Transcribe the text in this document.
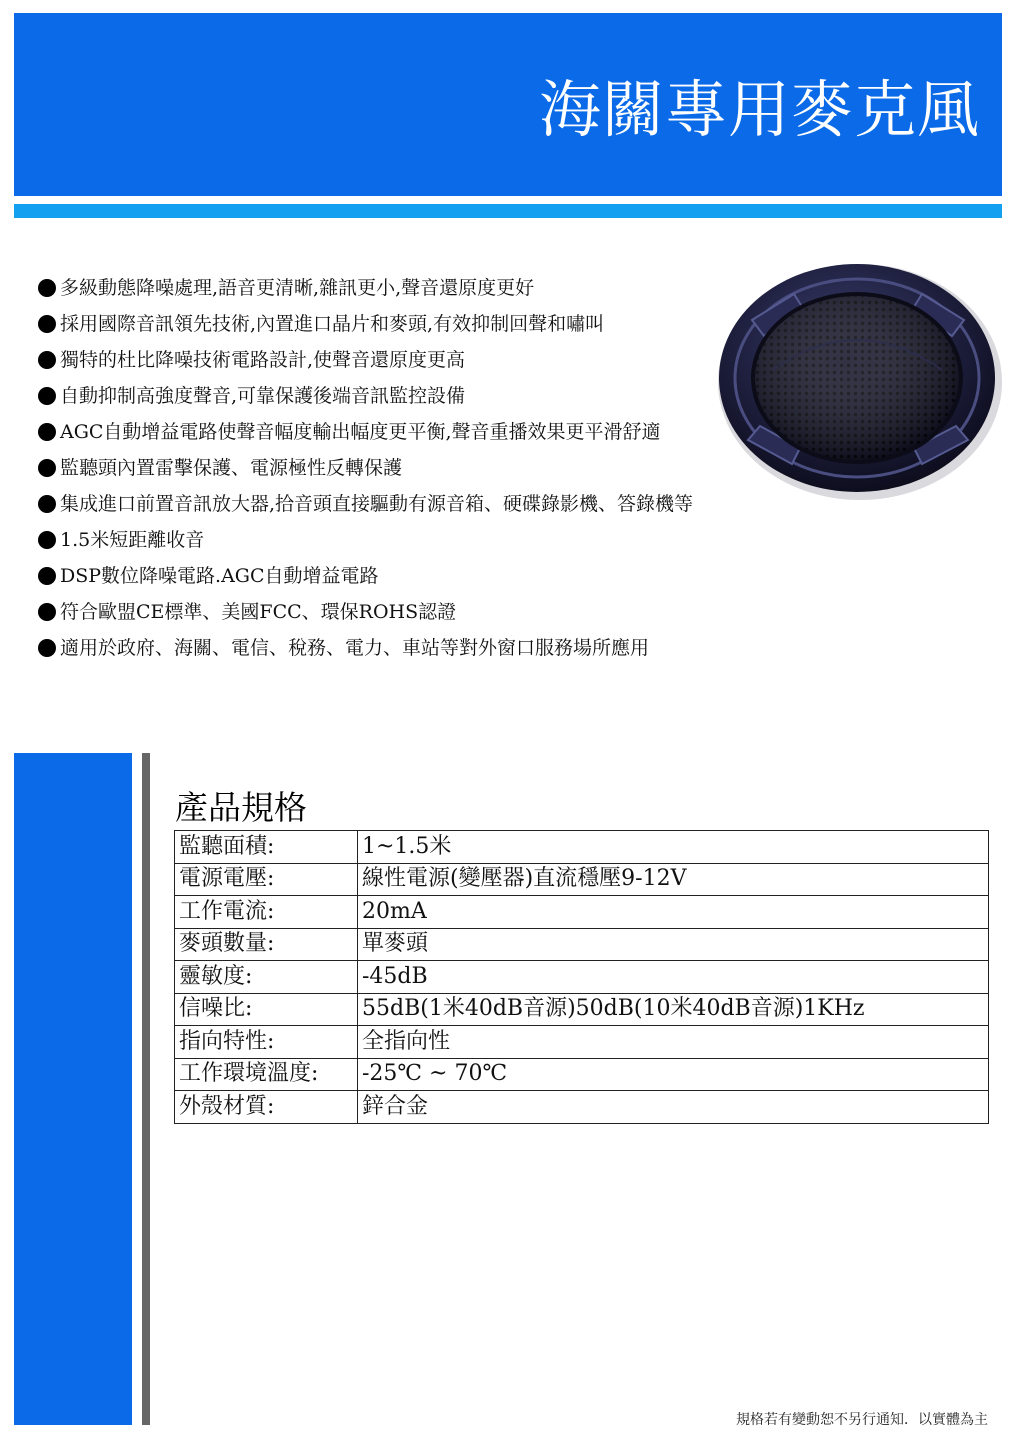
海關專用麥克風
多級動態降噪處理,語音更清晰,雜訊更小,聲音還原度更好
採用國際音訊領先技術,內置進口晶片和麥頭,有效抑制回聲和嘯叫
獨特的杜比降噪技術電路設計,使聲音還原度更高
自動抑制高強度聲音,可靠保護後端音訊監控設備
AGC自動增益電路使聲音幅度輸出幅度更平衡,聲音重播效果更平滑舒適
監聽頭內置雷擊保護、電源極性反轉保護
集成進口前置音訊放大器,拾音頭直接驅動有源音箱、硬碟錄影機、答錄機等
1.5米短距離收音
DSP數位降噪電路.AGC自動增益電路
符合歐盟CE標準、美國FCC、環保ROHS認證
適用於政府、海關、電信、稅務、電力、車站等對外窗口服務場所應用
產品規格
監聽面積:	1~1.5米
電源電壓:	線性電源(變壓器)直流穩壓9-12V
工作電流:	20mA
麥頭數量:	單麥頭
靈敏度:	-45dB
信噪比:	55dB(1米40dB音源)50dB(10米40dB音源)1KHz
指向特性:	全指向性
工作環境溫度:	-25℃ ~ 70℃
外殼材質:	鋅合金
規格若有變動恕不另行通知．以實體為主
